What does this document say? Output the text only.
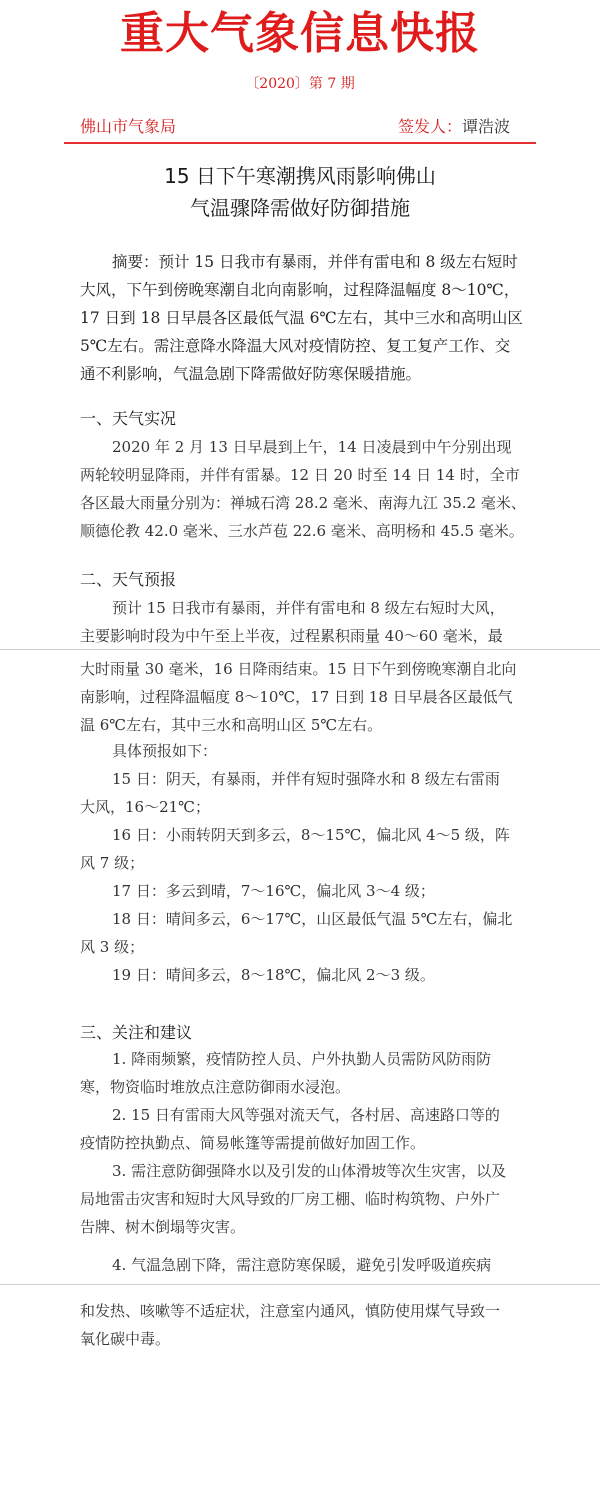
重大气象信息快报
〔2020〕第 7 期
佛山市气象局	签发人：谭浩波
15 日下午寒潮携风雨影响佛山
气温骤降需做好防御措施
摘要：预计 15 日我市有暴雨，并伴有雷电和 8 级左右短时
大风，下午到傍晚寒潮自北向南影响，过程降温幅度 8～10℃，
17 日到 18 日早晨各区最低气温 6℃左右，其中三水和高明山区
5℃左右。需注意降水降温大风对疫情防控、复工复产工作、交
通不利影响，气温急剧下降需做好防寒保暖措施。
一、天气实况
2020 年 2 月 13 日早晨到上午，14 日凌晨到中午分别出现
两轮较明显降雨，并伴有雷暴。12 日 20 时至 14 日 14 时，全市
各区最大雨量分别为：禅城石湾 28.2 毫米、南海九江 35.2 毫米、
顺德伦教 42.0 毫米、三水芦苞 22.6 毫米、高明杨和 45.5 毫米。
二、天气预报
预计 15 日我市有暴雨，并伴有雷电和 8 级左右短时大风，
主要影响时段为中午至上半夜，过程累积雨量 40～60 毫米，最
大时雨量 30 毫米，16 日降雨结束。15 日下午到傍晚寒潮自北向
南影响，过程降温幅度 8～10℃，17 日到 18 日早晨各区最低气
温 6℃左右，其中三水和高明山区 5℃左右。
具体预报如下：
15 日：阴天，有暴雨，并伴有短时强降水和 8 级左右雷雨
大风，16～21℃；
16 日：小雨转阴天到多云，8～15℃，偏北风 4～5 级，阵
风 7 级；
17 日：多云到晴，7～16℃，偏北风 3～4 级；
18 日：晴间多云，6～17℃，山区最低气温 5℃左右，偏北
风 3 级；
19 日：晴间多云，8～18℃，偏北风 2～3 级。
三、关注和建议
1. 降雨频繁，疫情防控人员、户外执勤人员需防风防雨防
寒，物资临时堆放点注意防御雨水浸泡。
2. 15 日有雷雨大风等强对流天气，各村居、高速路口等的
疫情防控执勤点、简易帐篷等需提前做好加固工作。
3. 需注意防御强降水以及引发的山体滑坡等次生灾害，以及
局地雷击灾害和短时大风导致的厂房工棚、临时构筑物、户外广
告牌、树木倒塌等灾害。
4. 气温急剧下降，需注意防寒保暖，避免引发呼吸道疾病
和发热、咳嗽等不适症状，注意室内通风，慎防使用煤气导致一
氧化碳中毒。
